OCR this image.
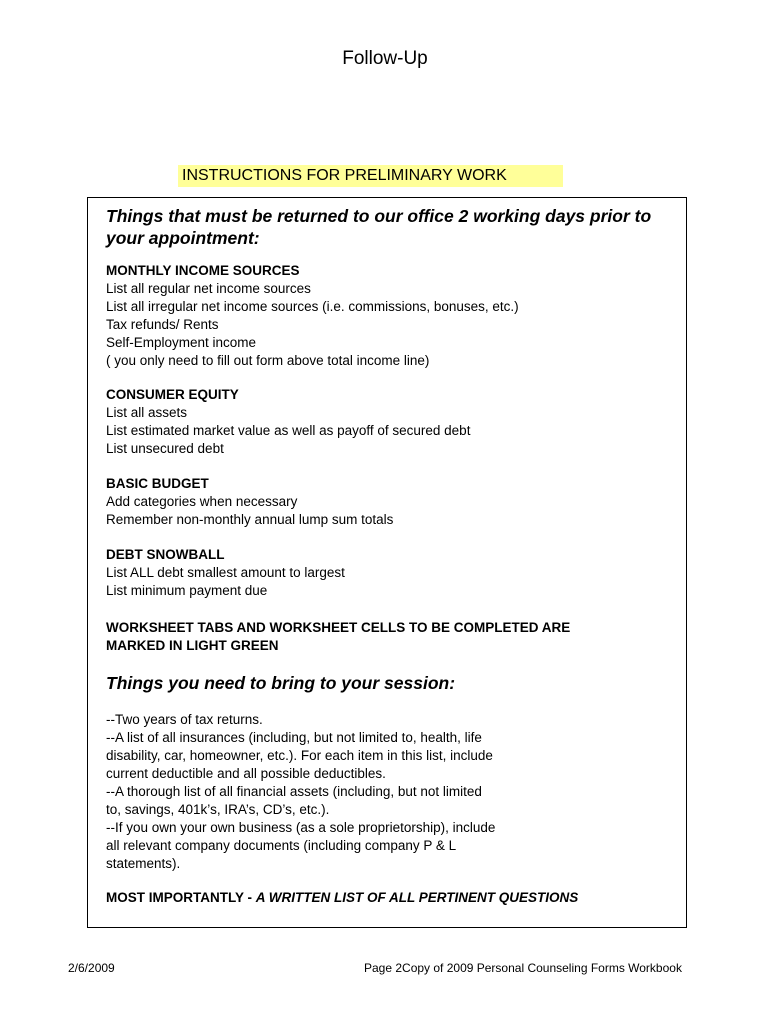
Follow-Up
INSTRUCTIONS FOR PRELIMINARY WORK

Things that must be returned to our office 2 working days prior to

your appointment:

MONTHLY INCOME SOURCES

List all regular net income sources

List all irregular net income sources (i.e. commissions, bonuses, etc.)

Tax refunds/ Rents

Self-Employment income

( you only need to fill out form above total income line)

CONSUMER EQUITY

List all assets

List estimated market value as well as payoff of secured debt

List unsecured debt

BASIC BUDGET

Add categories when necessary

Remember non-monthly annual lump sum totals

DEBT SNOWBALL

List ALL debt smallest amount to largest

List minimum payment due

WORKSHEET TABS AND WORKSHEET CELLS TO BE COMPLETED ARE

MARKED IN LIGHT GREEN

Things you need to bring to your session:

--Two years of tax returns.

--A list of all insurances (including, but not limited to, health, life

disability, car, homeowner, etc.). For each item in this list, include

current deductible and all possible deductibles.

--A thorough list of all financial assets (including, but not limited

to, savings, 401k’s, IRA’s, CD’s, etc.).

--If you own your own business (as a sole proprietorship), include

all relevant company documents (including company P & L

statements).

MOST IMPORTANTLY - A WRITTEN LIST OF ALL PERTINENT QUESTIONS

2/6/2009	Page 2Copy of 2009 Personal Counseling Forms Workbook
